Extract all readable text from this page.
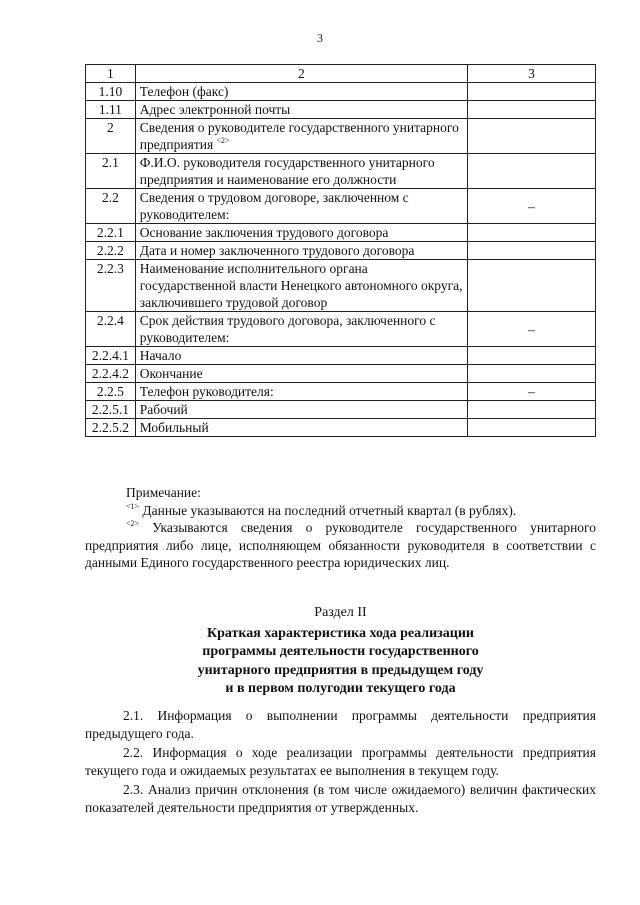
3
1	2	3
1.10	Телефон (факс)	
1.11	Адрес электронной почты	
2	Сведения о руководителе государственного унитарного предприятия $^{<2>}$	
2.1	Ф.И.О. руководителя государственного унитарного предприятия и наименование его должности	
2.2	Сведения о трудовом договоре, заключенном с руководителем:	–
2.2.1	Основание заключения трудового договора	
2.2.2	Дата и номер заключенного трудового договора	
2.2.3	Наименование исполнительного органа государственной власти Ненецкого автономного округа, заключившего трудовой договор	
2.2.4	Срок действия трудового договора, заключенного с руководителем:	–
2.2.4.1	Начало	
2.2.4.2	Окончание	
2.2.5	Телефон руководителя:	–
2.2.5.1	Рабочий	
2.2.5.2	Мобильный	

Примечание:

$^{<1>}$ Данные указываются на последний отчетный квартал (в рублях).

$^{<2>}$ Указываются сведения о руководителе государственного унитарного предприятия либо лице, исполняющем обязанности руководителя в соответствии с данными Единого государственного реестра юридических лиц.

Раздел II

Краткая характеристика хода реализации

программы деятельности государственного

унитарного предприятия в предыдущем году

и в первом полугодии текущего года

2.1. Информация о выполнении программы деятельности предприятия предыдущего года.

2.2. Информация о ходе реализации программы деятельности предприятия текущего года и ожидаемых результатах ее выполнения в текущем году.

2.3. Анализ причин отклонения (в том числе ожидаемого) величин фактических показателей деятельности предприятия от утвержденных.
